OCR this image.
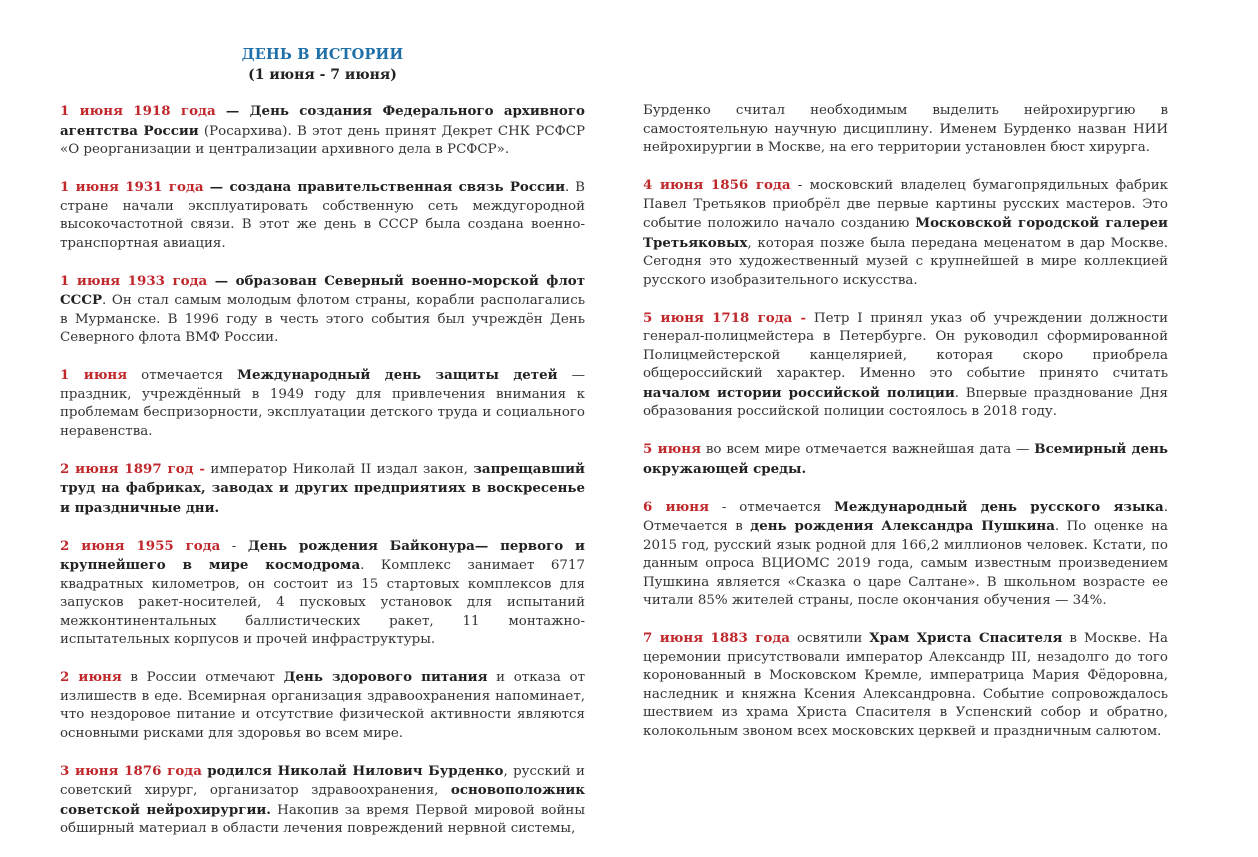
ДЕНЬ В ИСТОРИИ
(1 июня - 7 июня)

1 июня 1918 года — День создания Федерального архивного агентства России (Росархива). В этот день принят Декрет СНК РСФСР «О реорганизации и централизации архивного дела в РСФСР».

1 июня 1931 года — создана правительственная связь России. В стране начали эксплуатировать собственную сеть междугородной высокочастотной связи. В этот же день в СССР была создана военно-транспортная авиация.

1 июня 1933 года — образован Северный военно-морской флот СССР. Он стал самым молодым флотом страны, корабли располагались в Мурманске. В 1996 году в честь этого события был учреждён День Северного флота ВМФ России.

1 июня отмечается Международный день защиты детей — праздник, учреждённый в 1949 году для привлечения внимания к проблемам беспризорности, эксплуатации детского труда и социального неравенства.

2 июня 1897 год - император Николай II издал закон, запрещавший труд на фабриках, заводах и других предприятиях в воскресенье и праздничные дни.

2 июня 1955 года - День рождения Байконура— первого и крупнейшего в мире космодрома. Комплекс занимает 6717 квадратных километров, он состоит из 15 стартовых комплексов для запусков ракет-носителей, 4 пусковых установок для испытаний межконтинентальных баллистических ракет, 11 монтажно-испытательных корпусов и прочей инфраструктуры.

2 июня в России отмечают День здорового питания и отказа от излишеств в еде. Всемирная организация здравоохранения напоминает, что нездоровое питание и отсутствие физической активности являются основными рисками для здоровья во всем мире.

3 июня 1876 года родился Николай Нилович Бурденко, русский и советский хирург, организатор здравоохранения, основоположник советской нейрохирургии. Накопив за время Первой мировой войны обширный материал в области лечения повреждений нервной системы,

Бурденко считал необходимым выделить нейрохирургию в самостоятельную научную дисциплину. Именем Бурденко назван НИИ нейрохирургии в Москве, на его территории установлен бюст хирурга.

4 июня 1856 года - московский владелец бумагопрядильных фабрик Павел Третьяков приобрёл две первые картины русских мастеров. Это событие положило начало созданию Московской городской галереи Третьяковых, которая позже была передана меценатом в дар Москве. Сегодня это художественный музей с крупнейшей в мире коллекцией русского изобразительного искусства.

5 июня 1718 года - Петр I принял указ об учреждении должности генерал-полицмейстера в Петербурге. Он руководил сформированной Полицмейстерской канцелярией, которая скоро приобрела общероссийский характер. Именно это событие принято считать началом истории российской полиции. Впервые празднование Дня образования российской полиции состоялось в 2018 году.

5 июня во всем мире отмечается важнейшая дата — Всемирный день окружающей среды.

6 июня - отмечается Международный день русского языка. Отмечается в день рождения Александра Пушкина. По оценке на 2015 год, русский язык родной для 166,2 миллионов человек. Кстати, по данным опроса ВЦИОМС 2019 года, самым известным произведением Пушкина является «Сказка о царе Салтане». В школьном возрасте ее читали 85% жителей страны, после окончания обучения — 34%.

7 июня 1883 года освятили Храм Христа Спасителя в Москве. На церемонии присутствовали император Александр III, незадолго до того коронованный в Московском Кремле, императрица Мария Фёдоровна, наследник и княжна Ксения Александровна. Событие сопровождалось шествием из храма Христа Спасителя в Успенский собор и обратно, колокольным звоном всех московских церквей и праздничным салютом.
